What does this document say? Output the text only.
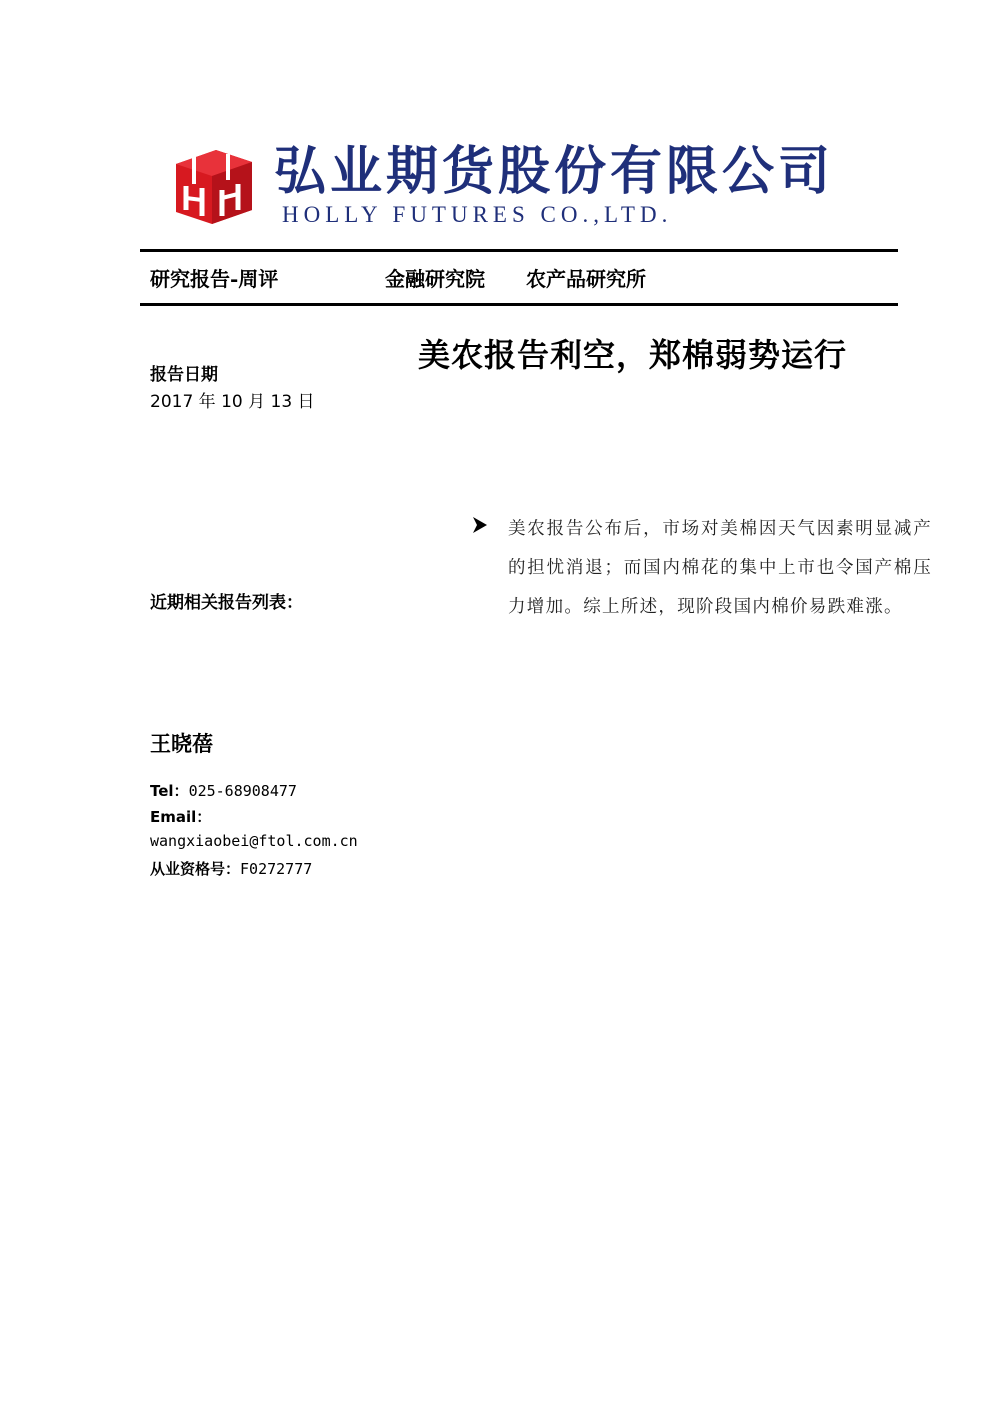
弘业期货股份有限公司
HOLLY FUTURES CO.,LTD.
研究报告-周评	金融研究院 农产品研究所
美农报告利空，郑棉弱势运行
报告日期
2017 年 10 月 13 日
美农报告公布后，市场对美棉因天气因素明显减产的担忧消退；而国内棉花的集中上市也令国产棉压力增加。综上所述，现阶段国内棉价易跌难涨。
近期相关报告列表：
王晓蓓
Tel：025-68908477
Email：
wangxiaobei@ftol.com.cn
从业资格号：F0272777
